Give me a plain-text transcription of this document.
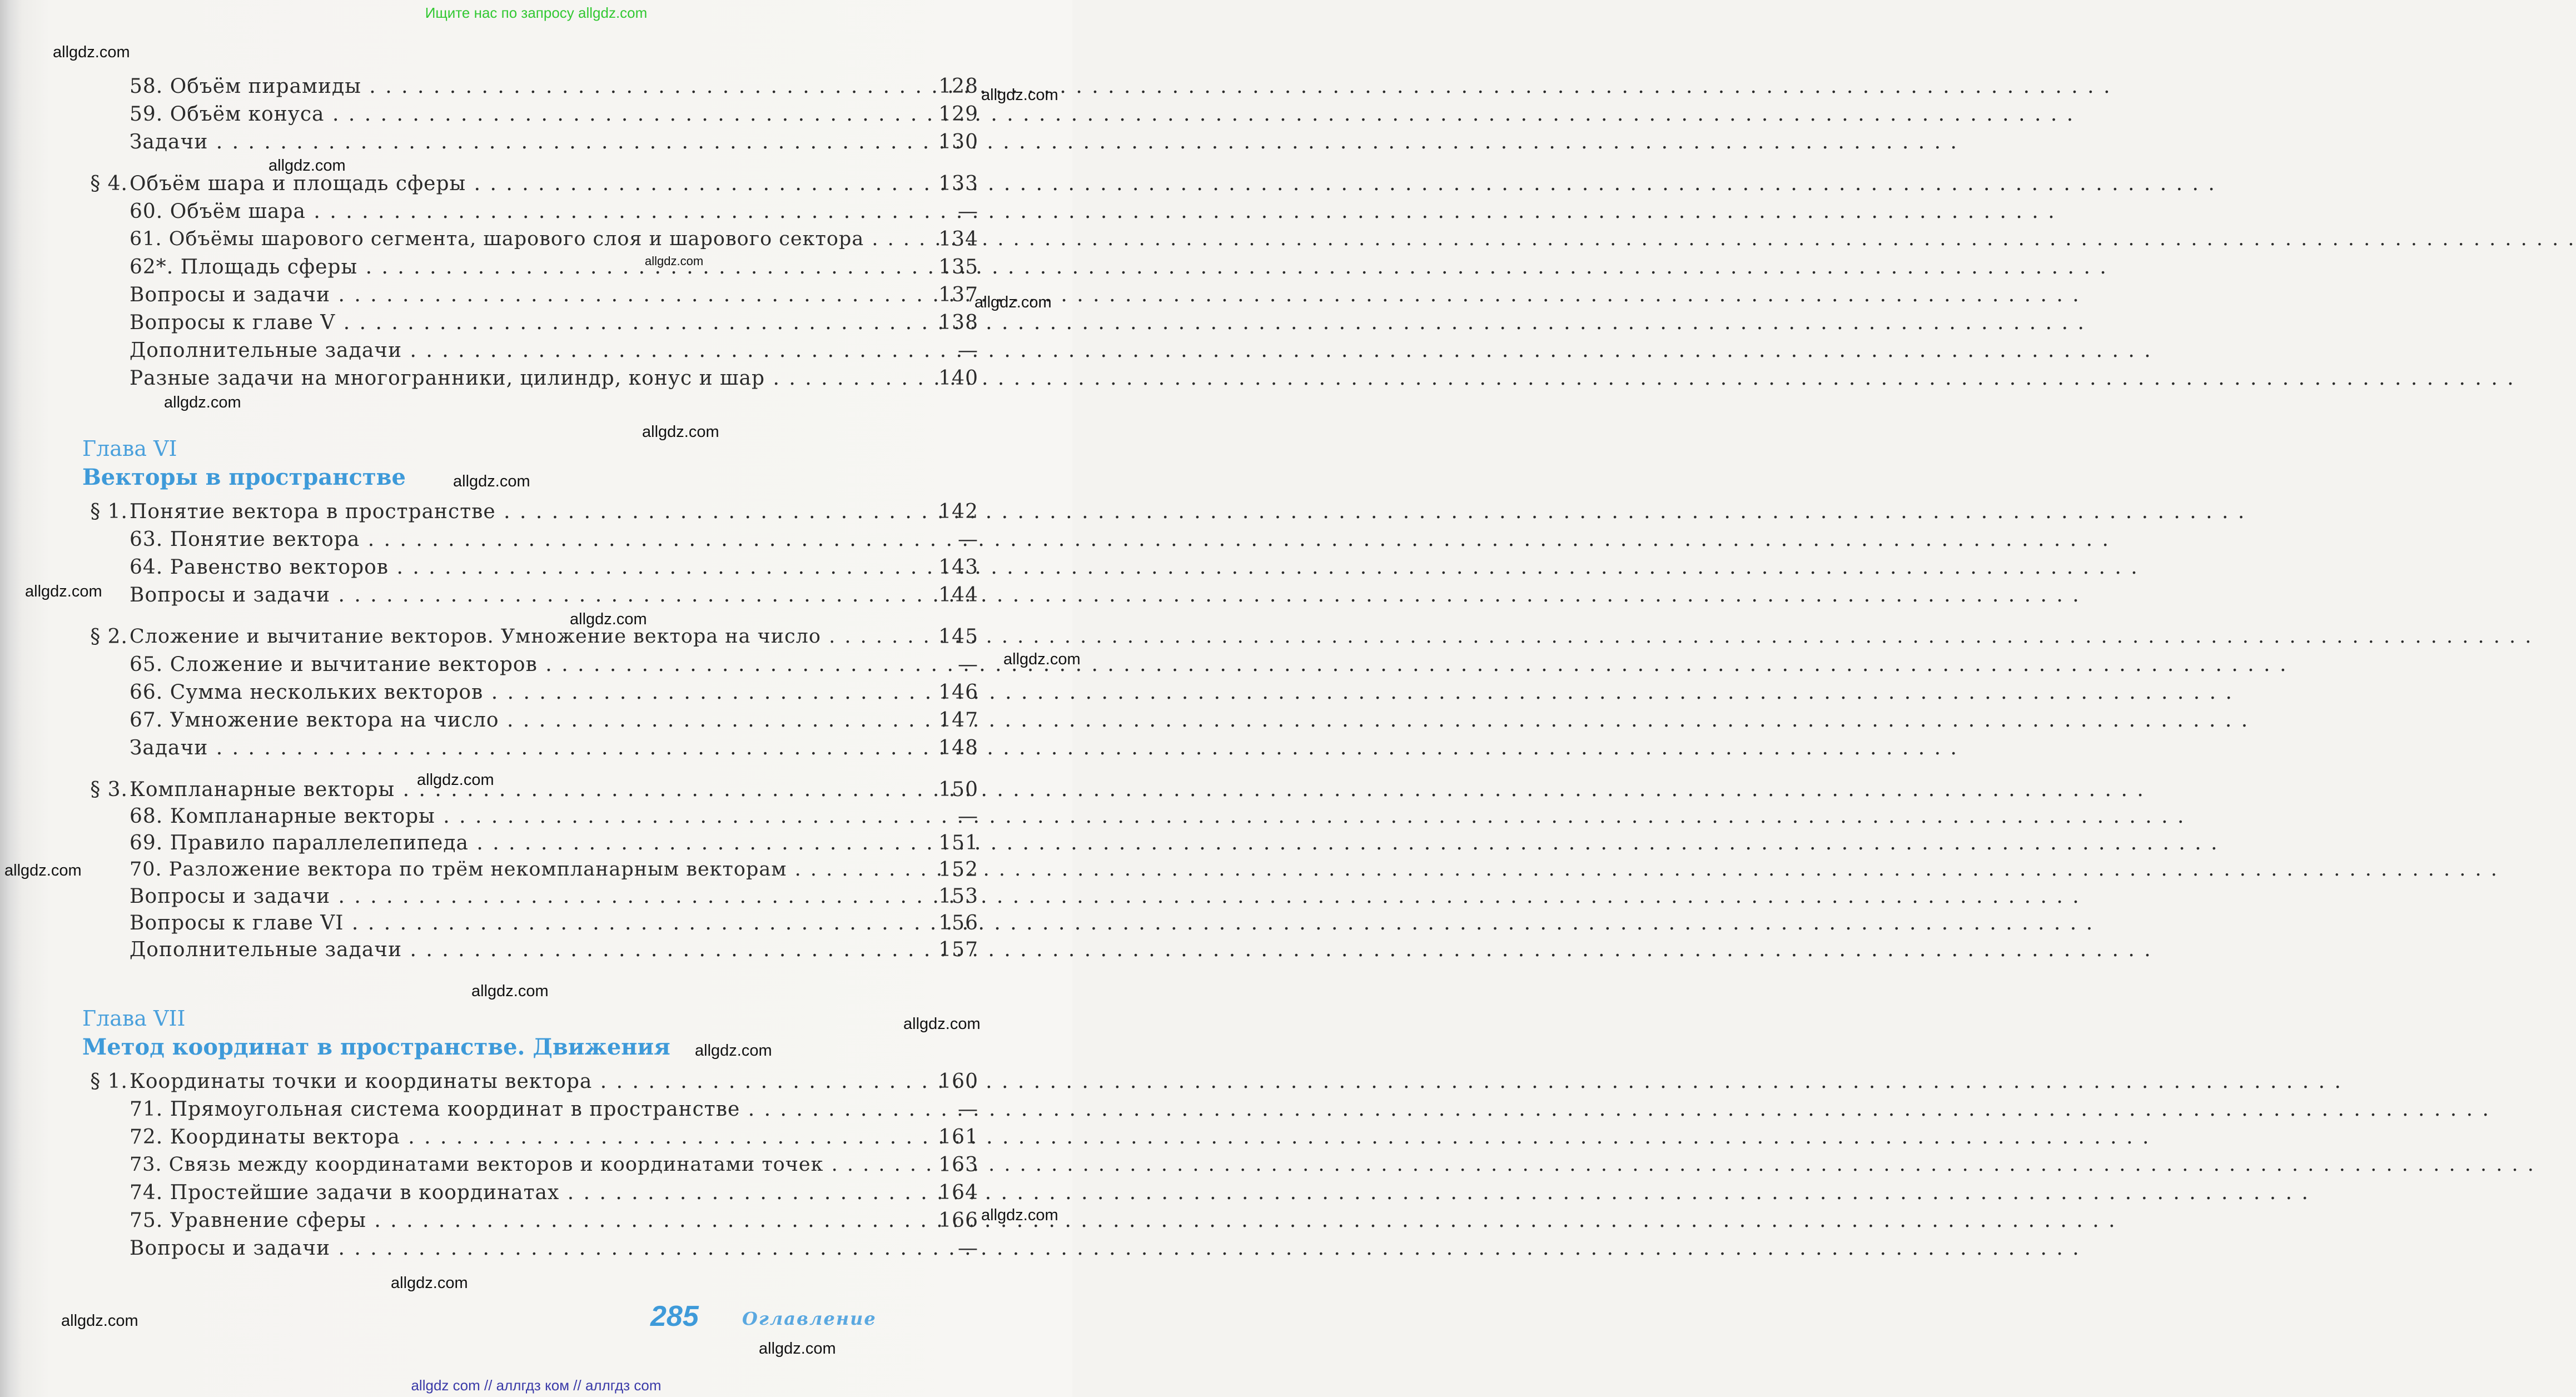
Ищите нас по запросу allgdz.com
58. Объём пирамиды . . .	128
59. Объём конуса . . .	129
Задачи . . .	130
§ 4. Объём шара и площадь сферы . . .	133
60. Объём шара . . .	—
61. Объёмы шарового сегмента, шарового слоя и шарового сектора . . .	134
62*. Площадь сферы . . .	135
Вопросы и задачи . . .	137
Вопросы к главе V . . .	138
Дополнительные задачи . . .	—
Разные задачи на многогранники, цилиндр, конус и шар . . .	140
Глава VI
Векторы в пространстве
§ 1. Понятие вектора в пространстве . . .	142
63. Понятие вектора . . .	—
64. Равенство векторов . . .	143
Вопросы и задачи . . .	144
§ 2. Сложение и вычитание векторов. Умножение вектора на число . . .	145
65. Сложение и вычитание векторов . . .	—
66. Сумма нескольких векторов . . .	146
67. Умножение вектора на число . . .	147
Задачи . . .	148
§ 3. Компланарные векторы . . .	150
68. Компланарные векторы . . .	—
69. Правило параллелепипеда . . .	151
70. Разложение вектора по трём некомпланарным векторам . . .	152
Вопросы и задачи . . .	153
Вопросы к главе VI . . .	156
Дополнительные задачи . . .	157
Глава VII
Метод координат в пространстве. Движения
§ 1. Координаты точки и координаты вектора . . .	160
71. Прямоугольная система координат в пространстве . . .	—
72. Координаты вектора . . .	161
73. Связь между координатами векторов и координатами точек . . .	163
74. Простейшие задачи в координатах . . .	164
75. Уравнение сферы . . .	166
Вопросы и задачи . . .	—
285 Оглавление
allgdz.com
allgdz.com
allgdz.com
allgdz.com
allgdz.com
allgdz.com
allgdz.com
allgdz.com
allgdz.com
allgdz.com
allgdz.com
allgdz.com
allgdz.com
allgdz.com
allgdz.com
allgdz.com
allgdz.com
allgdz.com
allgdz.com
allgdz.com
allgdz com // аллгдз ком // аллгдз com
